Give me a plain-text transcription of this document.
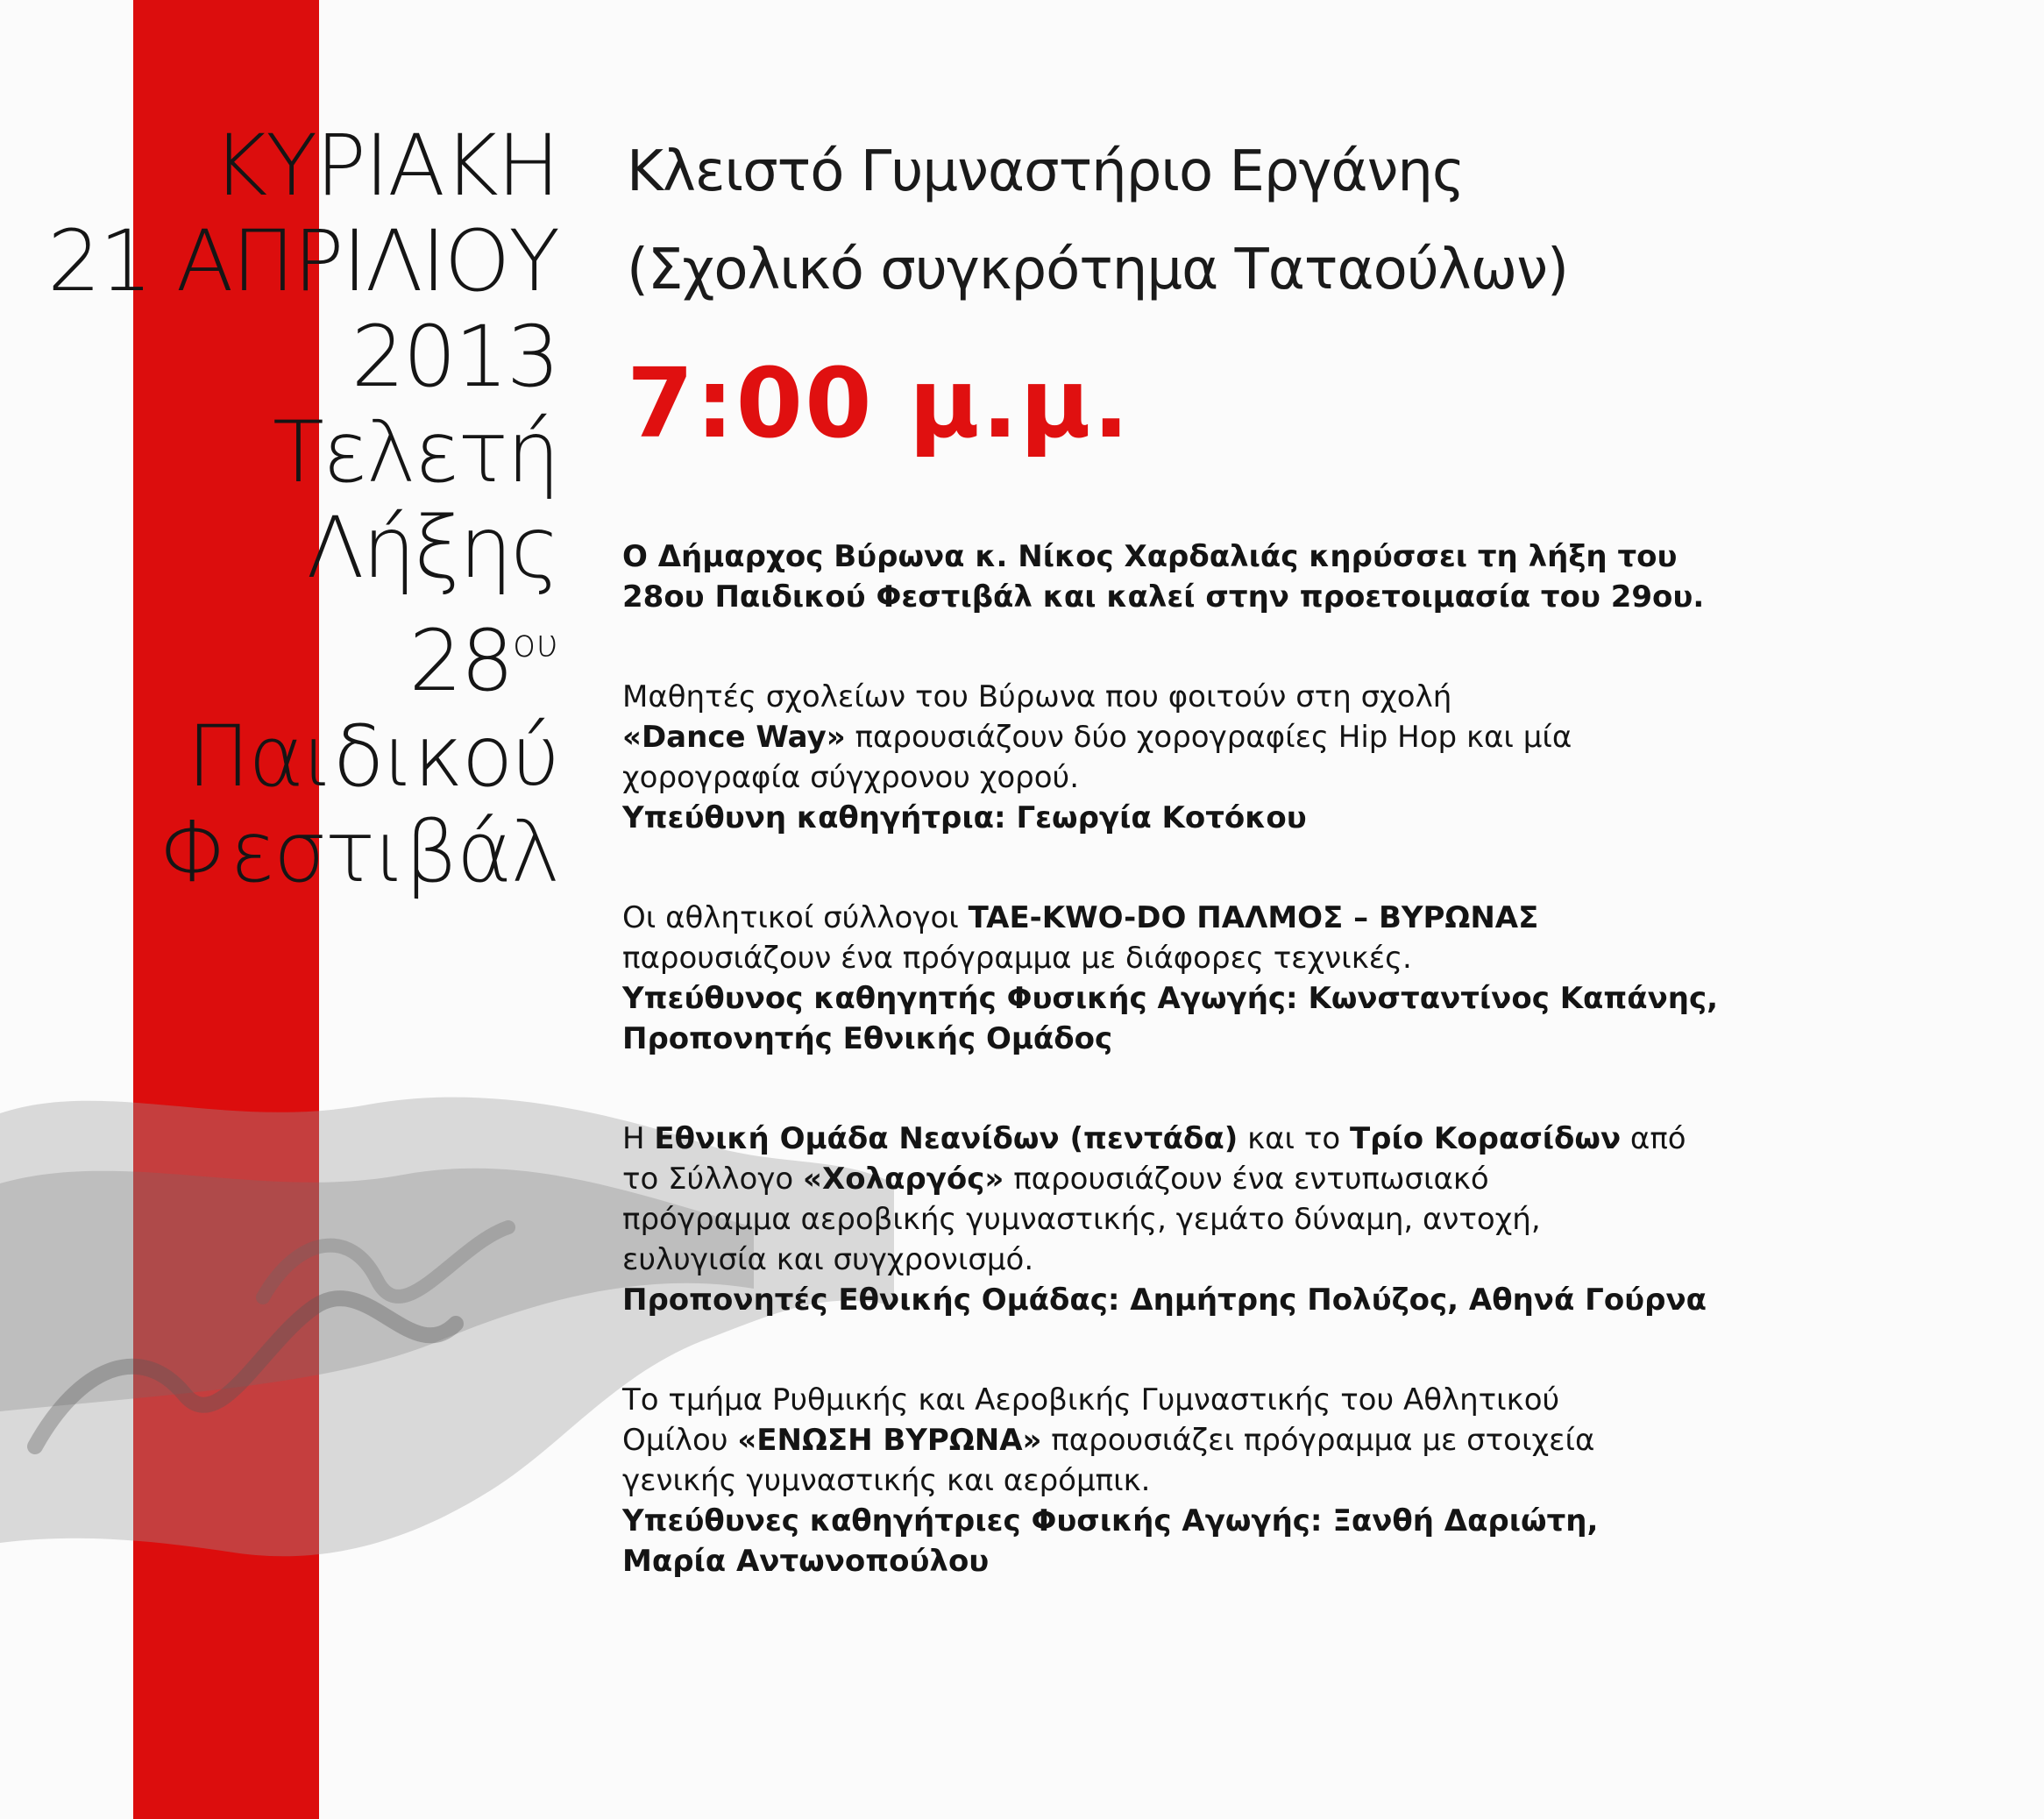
ΚΥΡΙΑΚΗ
21 ΑΠΡΙΛΙΟΥ
2013
Τελετή
Λήξης
$28^{o\upsilon}$
Παιδικού
Φεστιβάλ
Κλειστό Γυμναστήριο Εργάνης
(Σχολικό συγκρότημα Ταταούλων)
7:00 μ.μ.
Ο Δήμαρχος Βύρωνα κ. Νίκος Χαρδαλιάς κηρύσσει τη λήξη του
28ου Παιδικού Φεστιβάλ και καλεί στην προετοιμασία του 29ου.
Μαθητές σχολείων του Βύρωνα που φοιτούν στη σχολή
«Dance Way» παρουσιάζουν δύο χορογραφίες Hip Hop και μία
χορογραφία σύγχρονου χορού.
Υπεύθυνη καθηγήτρια: Γεωργία Κοτόκου
Οι αθλητικοί σύλλογοι TAE-KWO-DO ΠΑΛΜΟΣ – ΒΥΡΩΝΑΣ
παρουσιάζουν ένα πρόγραμμα με διάφορες τεχνικές.
Υπεύθυνος καθηγητής Φυσικής Αγωγής: Κωνσταντίνος Καπάνης,
Προπονητής Εθνικής Ομάδος
Η Εθνική Ομάδα Νεανίδων (πεντάδα) και το Τρίο Κορασίδων από
το Σύλλογο «Χολαργός» παρουσιάζουν ένα εντυπωσιακό
πρόγραμμα αεροβικής γυμναστικής, γεμάτο δύναμη, αντοχή,
ευλυγισία και συγχρονισμό.
Προπονητές Εθνικής Ομάδας: Δημήτρης Πολύζος, Αθηνά Γούρνα
Το τμήμα Ρυθμικής και Αεροβικής Γυμναστικής του Αθλητικού
Ομίλου «ΕΝΩΣΗ ΒΥΡΩΝΑ» παρουσιάζει πρόγραμμα με στοιχεία
γενικής γυμναστικής και αερόμπικ.
Υπεύθυνες καθηγήτριες Φυσικής Αγωγής: Ξανθή Δαριώτη,
Μαρία Αντωνοπούλου
